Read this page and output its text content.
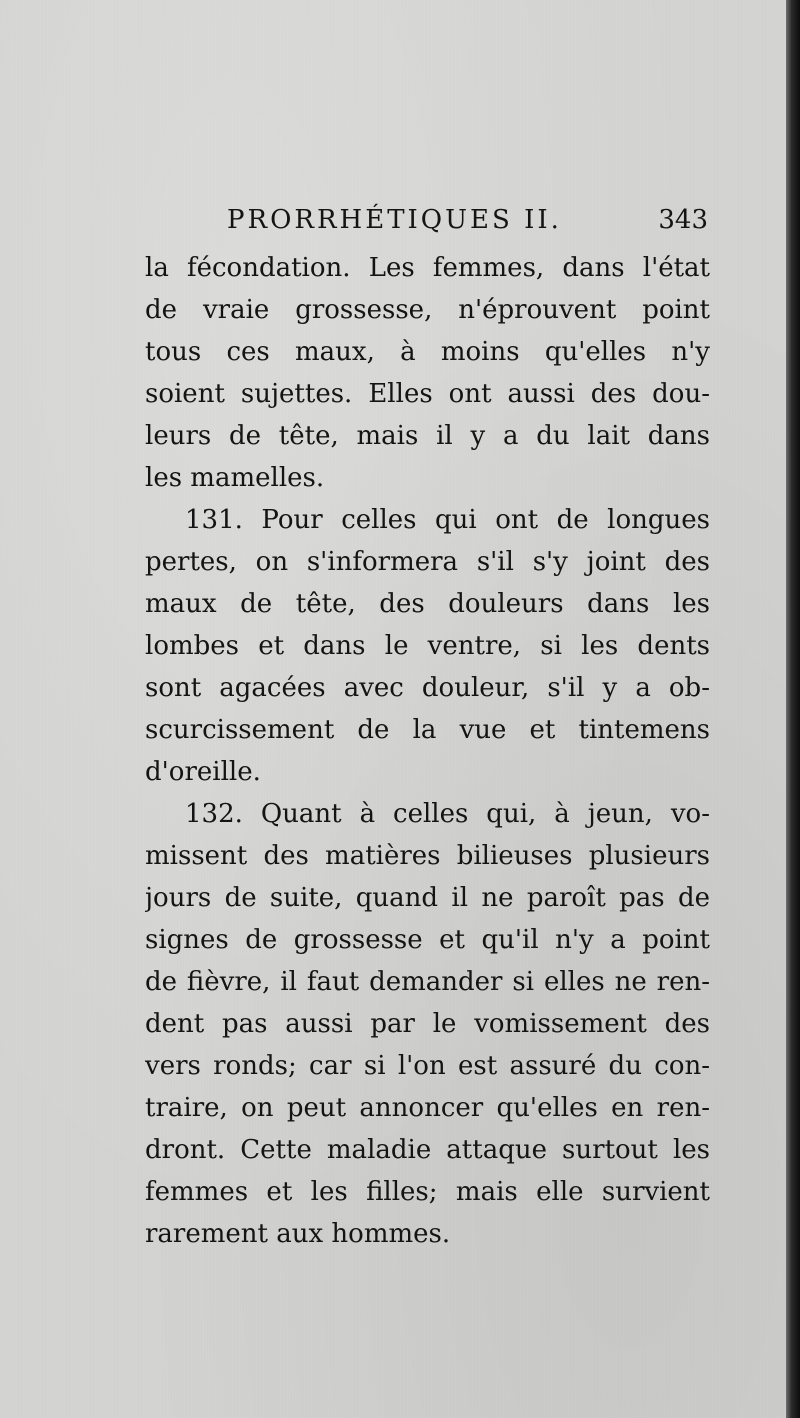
PRORRHÉTIQUES II.	343
la fécondation. Les femmes, dans l'état
de vraie grossesse, n'éprouvent point
tous ces maux, à moins qu'elles n'y
soient sujettes. Elles ont aussi des dou-
leurs de tête, mais il y a du lait dans
les mamelles.
131. Pour celles qui ont de longues
pertes, on s'informera s'il s'y joint des
maux de tête, des douleurs dans les
lombes et dans le ventre, si les dents
sont agacées avec douleur, s'il y a ob-
scurcissement de la vue et tintemens
d'oreille.
132. Quant à celles qui, à jeun, vo-
missent des matières bilieuses plusieurs
jours de suite, quand il ne paroît pas de
signes de grossesse et qu'il n'y a point
de fièvre, il faut demander si elles ne ren-
dent pas aussi par le vomissement des
vers ronds; car si l'on est assuré du con-
traire, on peut annoncer qu'elles en ren-
dront. Cette maladie attaque surtout les
femmes et les filles; mais elle survient
rarement aux hommes.
